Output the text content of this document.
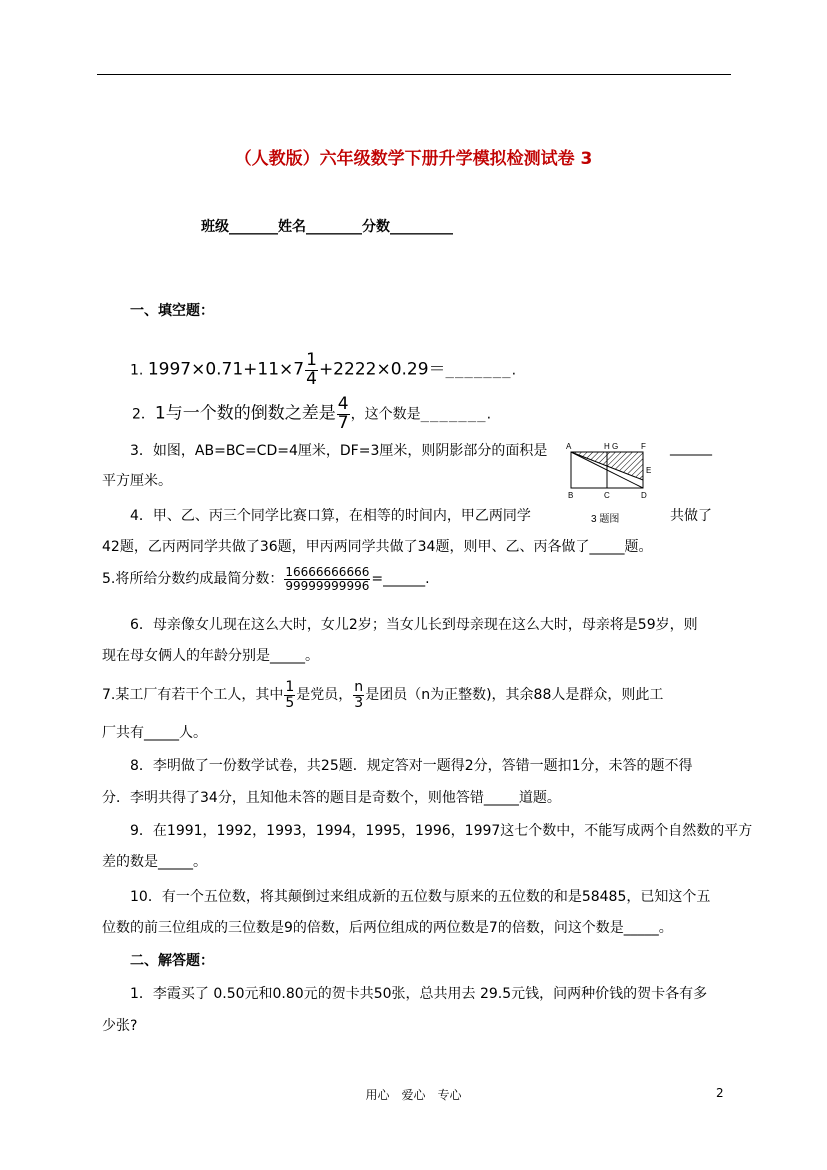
（人教版）六年级数学下册升学模拟检测试卷 3
班级_______姓名________分数_________
一、填空题：
1. $1997\times 0.71+11\times 7 \frac{1}{4}$ +2222×0.29＝_______.
2．1与一个数的倒数之差是 $\frac{4}{7}$ ，这个数是_______.
3．如图，AB=BC=CD=4厘米，DF=3厘米，则阴影部分的面积是	______
平方厘米。
A	H G	F
E
B	C	D
3 题图
4．甲、乙、丙三个同学比赛口算，在相等的时间内，甲乙两同学	共做了
42题，乙丙两同学共做了36题，甲丙两同学共做了34题，则甲、乙、丙各做了_____题。
5.将所给分数约成最简分数： $\frac{16666666666}{99999999996}$ =______.
6．母亲像女儿现在这么大时，女儿2岁；当女儿长到母亲现在这么大时，母亲将是59岁，则
现在母女俩人的年龄分别是_____。
7.某工厂有若干个工人，其中 $\frac{1}{5}$ 是党员， $\frac{n}{3}$ 是团员（n为正整数)，其余88人是群众，则此工
厂共有_____人。
8．李明做了一份数学试卷，共25题．规定答对一题得2分，答错一题扣1分，未答的题不得
分．李明共得了34分，且知他未答的题目是奇数个，则他答错_____道题。
9．在1991，1992，1993，1994，1995，1996，1997这七个数中，不能写成两个自然数的平方
差的数是_____。
10．有一个五位数，将其颠倒过来组成新的五位数与原来的五位数的和是58485，已知这个五
位数的前三位组成的三位数是9的倍数，后两位组成的两位数是7的倍数，问这个数是_____。
二、解答题：
1．李霞买了 0.50元和0.80元的贺卡共50张，总共用去 29.5元钱，问两种价钱的贺卡各有多
少张?
用心　爱心　专心	2
